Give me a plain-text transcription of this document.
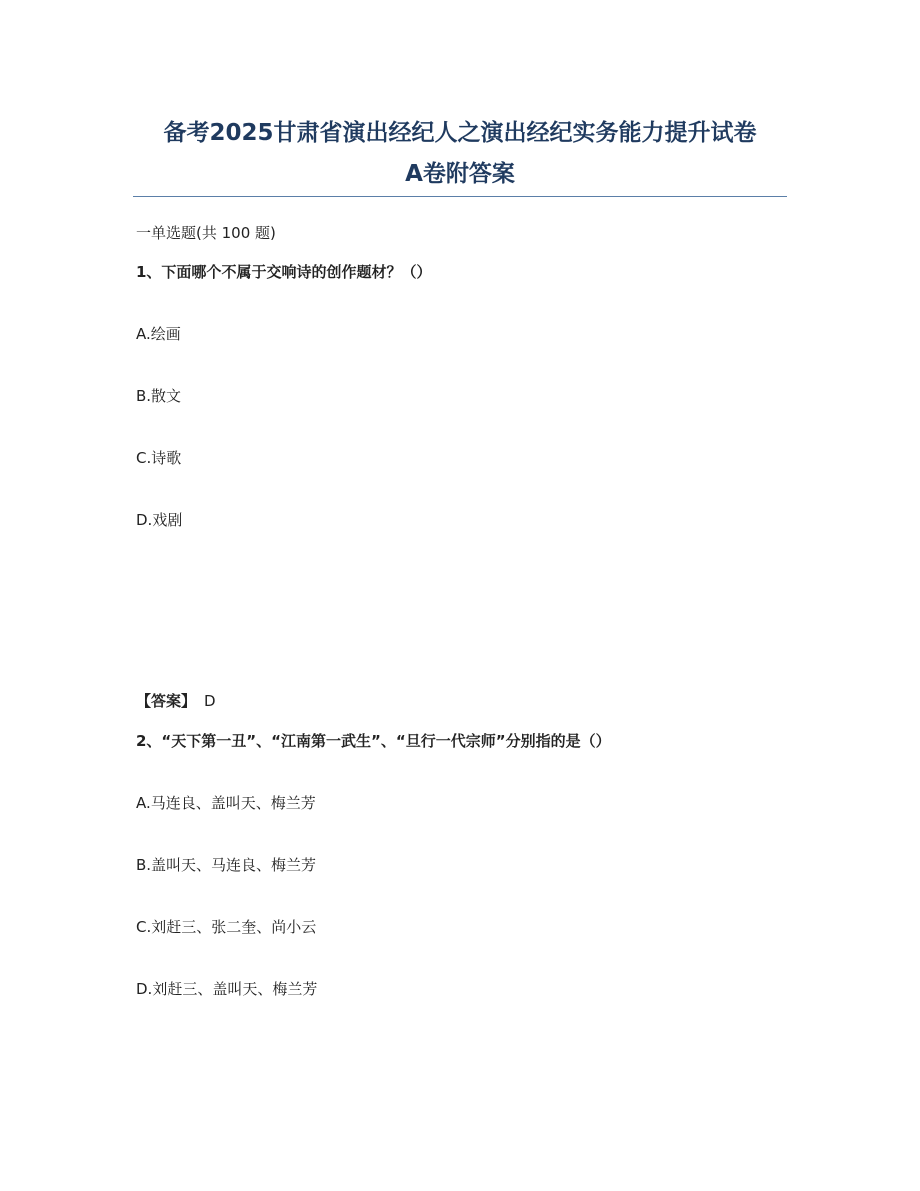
备考2025甘肃省演出经纪人之演出经纪实务能力提升试卷
A卷附答案
一单选题(共 100 题)
1、下面哪个不属于交响诗的创作题材？（）
A.绘画
B.散文
C.诗歌
D.戏剧
【答案】 D
2、“天下第一丑”、“江南第一武生”、“旦行一代宗师”分别指的是（）
A.马连良、盖叫天、梅兰芳
B.盖叫天、马连良、梅兰芳
C.刘赶三、张二奎、尚小云
D.刘赶三、盖叫天、梅兰芳
